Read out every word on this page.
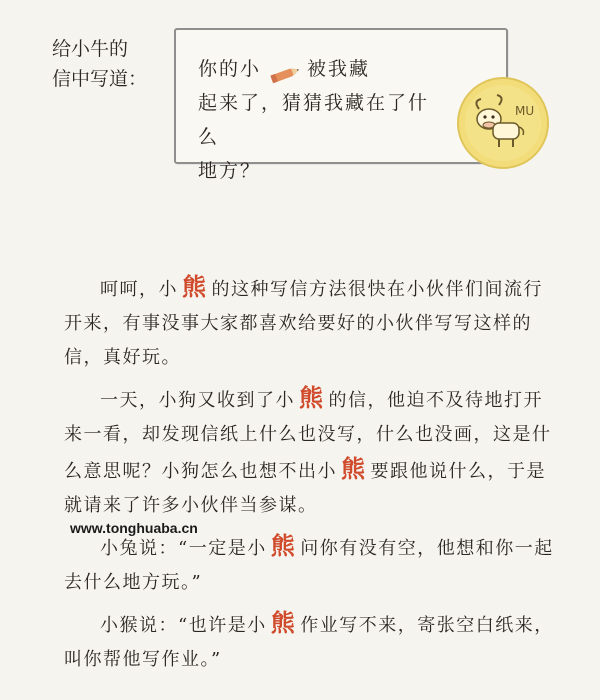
给小牛的
信中写道：	你的小 被我藏
起来了，猜猜我藏在了什么
地方？
MU

呵呵，小 熊 的这种写信方法很快在小伙伴们间流行开来，有事没事大家都喜欢给要好的小伙伴写写这样的信，真好玩。

一天，小狗又收到了小 熊 的信，他迫不及待地打开来一看，却发现信纸上什么也没写，什么也没画，这是什么意思呢？小狗怎么也想不出小 熊 要跟他说什么，于是就请来了许多小伙伴当参谋。

小兔说：“一定是小 熊 问你有没有空，他想和你一起去什么地方玩。”

小猴说：“也许是小 熊 作业写不来，寄张空白纸来，叫你帮他写作业。”

www.tonghuaba.cn
